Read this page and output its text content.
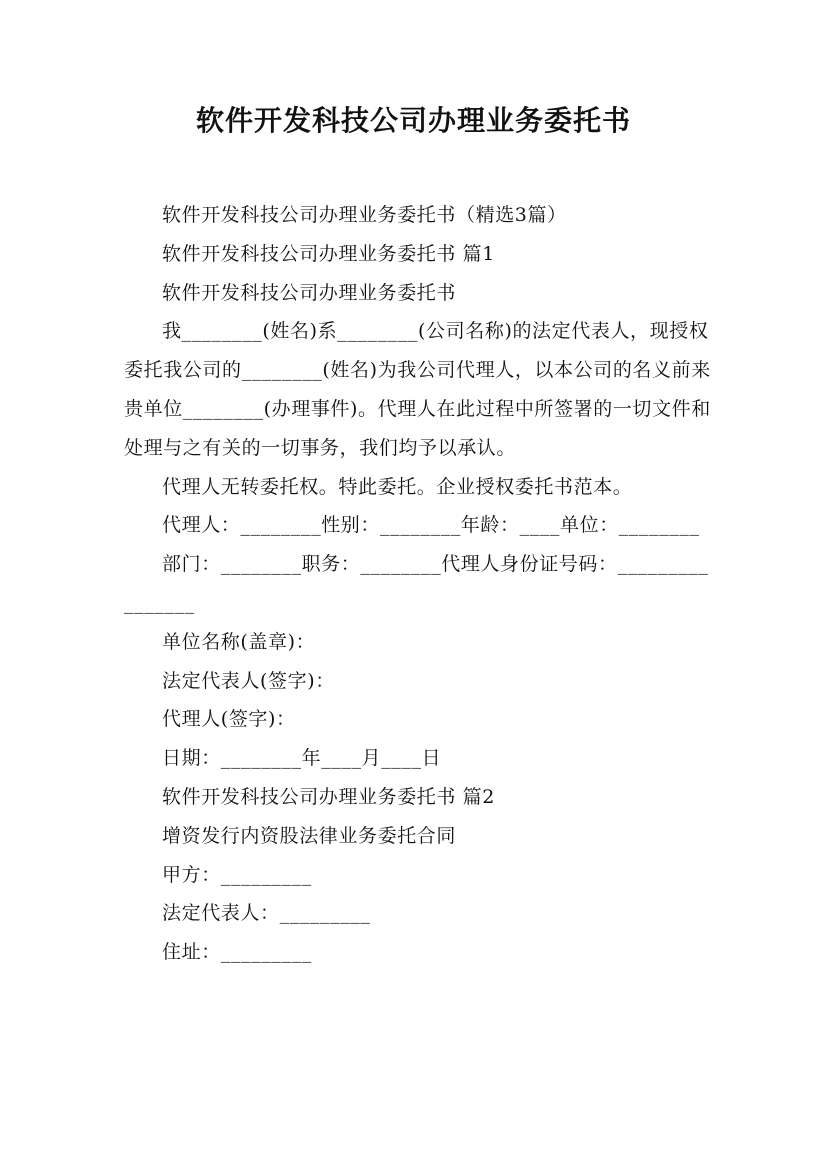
软件开发科技公司办理业务委托书

软件开发科技公司办理业务委托书（精选3篇）

软件开发科技公司办理业务委托书 篇1

软件开发科技公司办理业务委托书

我________(姓名)系________(公司名称)的法定代表人，现授权委托我公司的________(姓名)为我公司代理人，以本公司的名义前来贵单位________(办理事件)。代理人在此过程中所签署的一切文件和处理与之有关的一切事务，我们均予以承认。

代理人无转委托权。特此委托。企业授权委托书范本。

代理人：________性别：________年龄：____单位：________

部门：________职务：________代理人身份证号码：________________

单位名称(盖章)：

法定代表人(签字)：

代理人(签字)：

日期：________年____月____日

软件开发科技公司办理业务委托书 篇2

增资发行内资股法律业务委托合同

甲方：_________

法定代表人：_________

住址：_________
